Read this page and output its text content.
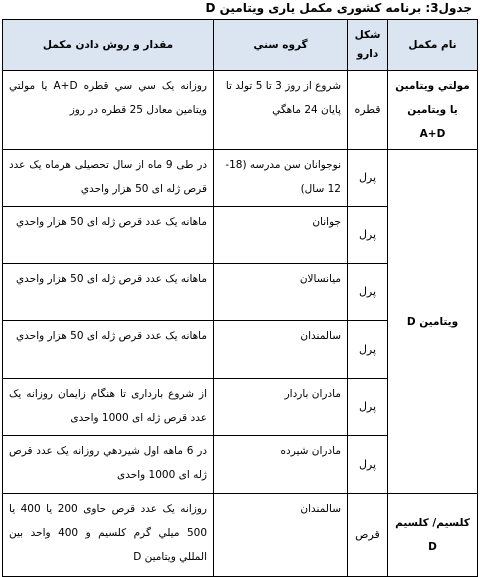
جدول3: برنامه کشوری مکمل یاری ویتامین D
نام مکمل	شکل دارو	گروه سني	مقدار و روش دادن مکمل
مولتي ويتامين يا ويتامين A+D	قطره	شروع از روز 3 تا 5 تولد تا پايان 24 ماهگي	روزانه يک سي سي قطره A+D يا مولتي ويتامين معادل 25 قطره در روز
ويتامين D	پرل	نوجوانان سن مدرسه (18- 12 سال)	در طی 9 ماه از سال تحصیلی هرماه یک عدد قرص ژله ای 50 هزار واحدي
	پرل	جوانان	ماهانه يک عدد قرص ژله ای 50 هزار واحدي
	پرل	ميانسالان	ماهانه يک عدد قرص ژله ای 50 هزار واحدي
	پرل	سالمندان	ماهانه يک عدد قرص ژله ای 50 هزار واحدي
	پرل	مادران باردار	از شروع بارداری تا هنگام زايمان روزانه يک عدد قرص ژله ای 1000 واحدی
	پرل	مادران شيرده	در 6 ماهه اول شيردهي روزانه يک عدد قرص ژله ای 1000 واحدی
کلسيم/ کلسيم D	قرص	سالمندان	روزانه يک عدد قرص حاوی 200 يا 400 يا 500 ميلي گرم کلسيم و 400 واحد بين المللي ويتامين D
